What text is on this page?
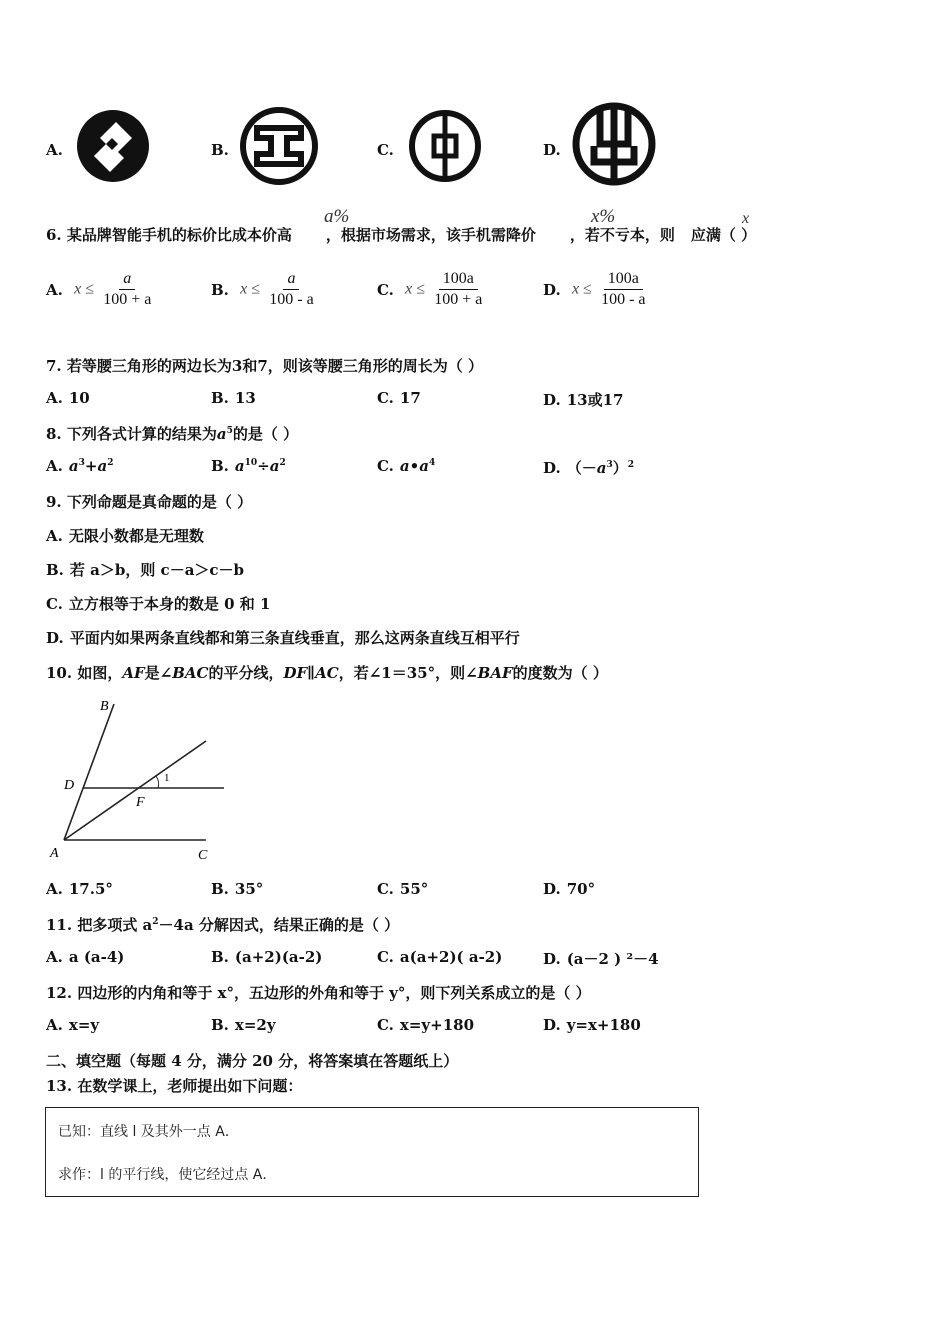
A.	B.	C.	D.
6. 某品牌智能手机的标价比成本价高 ，根据市场需求，该手机需降价 ，若不亏本，则 应满（ ）
a%	x%	x
A. $x \le \frac{a}{100 + a}$	B. $x \le \frac{a}{100 - a}$	C. $x \le \frac{100a}{100 + a}$	D. $x \le \frac{100a}{100 - a}$
7. 若等腰三角形的两边长为3和7，则该等腰三角形的周长为（ ）
A. 10	B. 13	C. 17	D. 13或17
8. 下列各式计算的结果为$a^5$的是（ ）
A. $a^3+a^2$	B. $a^{10}\div a^2$	C. $a•a^4$	D. $(-a^3)^2$
9. 下列命题是真命题的是（ ）
A. 无限小数都是无理数
B. 若 a＞b，则 c－a＞c－b
C. 立方根等于本身的数是 0 和 1
D. 平面内如果两条直线都和第三条直线垂直，那么这两条直线互相平行
10. 如图，AF是∠BAC的平分线，DF∥AC，若∠1＝35°，则∠BAF的度数为（ ）
B
D
F
A	C
1
A. 17.5°	B. 35°	C. 55°	D. 70°
11. 把多项式 $a^2-4a$ 分解因式，结果正确的是（ ）
A. a (a-4)	B. (a+2)(a-2)	C. a(a+2)( a-2)	D. (a－2 ) ²－4
12. 四边形的内角和等于 x°，五边形的外角和等于 y°，则下列关系成立的是（ ）
A. x=y	B. x=2y	C. x=y+180	D. y=x+180
二、填空题（每题 4 分，满分 20 分，将答案填在答题纸上）
13. 在数学课上，老师提出如下问题：
已知：直线 l 及其外一点 A．
求作：l 的平行线，使它经过点 A．
